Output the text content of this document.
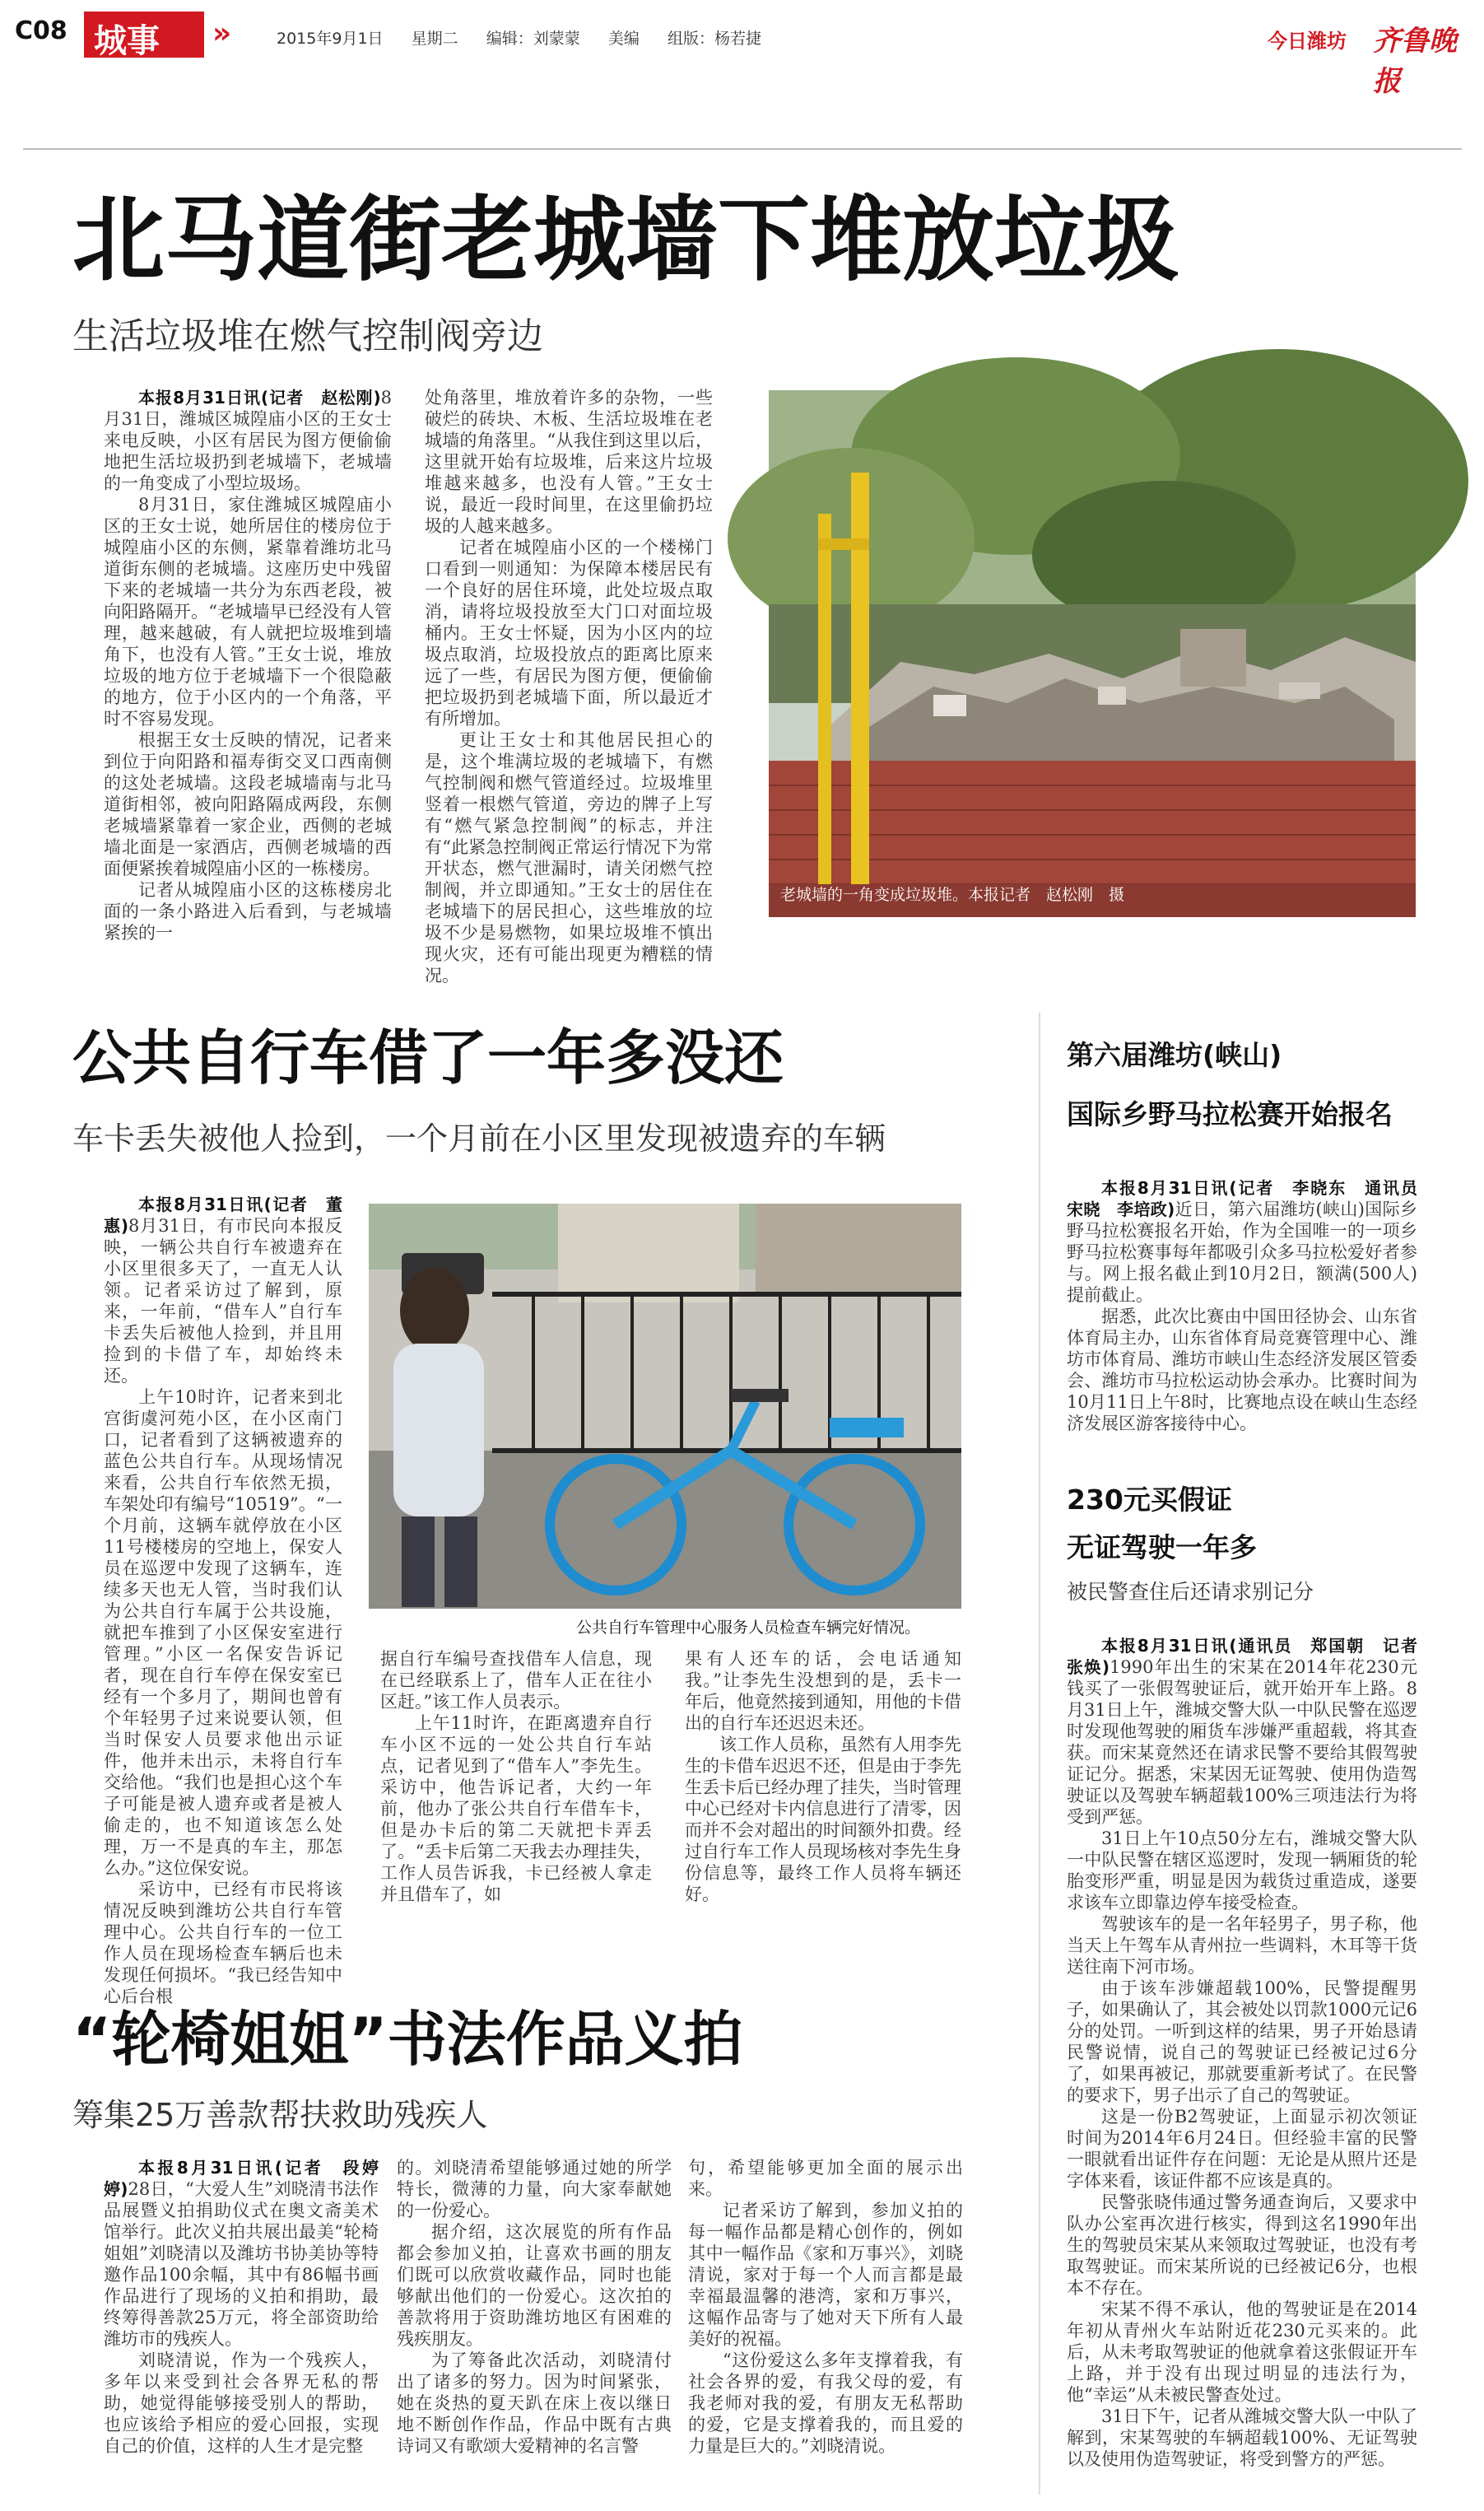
C08 城事 »	2015年9月1日 星期二 编辑：刘蒙蒙 美编 组版：杨若捷	今日潍坊 齐鲁晚报
北马道街老城墙下堆放垃圾
生活垃圾堆在燃气控制阀旁边

本报8月31日讯(记者　赵松刚)8月31日，潍城区城隍庙小区的王女士来电反映，小区有居民为图方便偷偷地把生活垃圾扔到老城墙下，老城墙的一角变成了小型垃圾场。

8月31日，家住潍城区城隍庙小区的王女士说，她所居住的楼房位于城隍庙小区的东侧，紧靠着潍坊北马道街东侧的老城墙。这座历史中残留下来的老城墙一共分为东西老段，被向阳路隔开。“老城墙早已经没有人管理，越来越破，有人就把垃圾堆到墙角下，也没有人管。”王女士说，堆放垃圾的地方位于老城墙下一个很隐蔽的地方，位于小区内的一个角落，平时不容易发现。

根据王女士反映的情况，记者来到位于向阳路和福寿街交叉口西南侧的这处老城墙。这段老城墙南与北马道街相邻，被向阳路隔成两段，东侧老城墙紧靠着一家企业，西侧的老城墙北面是一家酒店，西侧老城墙的西面便紧挨着城隍庙小区的一栋楼房。

记者从城隍庙小区的这栋楼房北面的一条小路进入后看到，与老城墙紧挨的一

处角落里，堆放着许多的杂物，一些破烂的砖块、木板、生活垃圾堆在老城墙的角落里。“从我住到这里以后，这里就开始有垃圾堆，后来这片垃圾堆越来越多，也没有人管。”王女士说，最近一段时间里，在这里偷扔垃圾的人越来越多。

记者在城隍庙小区的一个楼梯门口看到一则通知：为保障本楼居民有一个良好的居住环境，此处垃圾点取消，请将垃圾投放至大门口对面垃圾桶内。王女士怀疑，因为小区内的垃圾点取消，垃圾投放点的距离比原来远了一些，有居民为图方便，便偷偷把垃圾扔到老城墙下面，所以最近才有所增加。

更让王女士和其他居民担心的是，这个堆满垃圾的老城墙下，有燃气控制阀和燃气管道经过。垃圾堆里竖着一根燃气管道，旁边的牌子上写有“燃气紧急控制阀”的标志，并注有“此紧急控制阀正常运行情况下为常开状态，燃气泄漏时，请关闭燃气控制阀，并立即通知。”王女士的居住在老城墙下的居民担心，这些堆放的垃圾不少是易燃物，如果垃圾堆不慎出现火灾，还有可能出现更为糟糕的情况。

老城墙的一角变成垃圾堆。本报记者　赵松刚　摄
公共自行车借了一年多没还
车卡丢失被他人捡到，一个月前在小区里发现被遗弃的车辆

本报8月31日讯(记者　董惠)8月31日，有市民向本报反映，一辆公共自行车被遗弃在小区里很多天了，一直无人认领。记者采访过了解到，原来，一年前，“借车人”自行车卡丢失后被他人捡到，并且用捡到的卡借了车，却始终未还。

上午10时许，记者来到北宫街虞河苑小区，在小区南门口，记者看到了这辆被遗弃的蓝色公共自行车。从现场情况来看，公共自行车依然无损，车架处印有编号“10519”。“一个月前，这辆车就停放在小区11号楼楼房的空地上，保安人员在巡逻中发现了这辆车，连续多天也无人管，当时我们认为公共自行车属于公共设施，就把车推到了小区保安室进行管理。”小区一名保安告诉记者，现在自行车停在保安室已经有一个多月了，期间也曾有个年轻男子过来说要认领，但当时保安人员要求他出示证件，他并未出示，未将自行车交给他。“我们也是担心这个车子可能是被人遗弃或者是被人偷走的，也不知道该怎么处理，万一不是真的车主，那怎么办。”这位保安说。

采访中，已经有市民将该情况反映到潍坊公共自行车管理中心。公共自行车的一位工作人员在现场检查车辆后也未发现任何损坏。“我已经告知中心后台根

公共自行车管理中心服务人员检查车辆完好情况。

据自行车编号查找借车人信息，现在已经联系上了，借车人正在往小区赶。”该工作人员表示。

上午11时许，在距离遗弃自行车小区不远的一处公共自行车站点，记者见到了“借车人”李先生。采访中，他告诉记者，大约一年前，他办了张公共自行车借车卡，但是办卡后的第二天就把卡弄丢了。“丢卡后第二天我去办理挂失，工作人员告诉我，卡已经被人拿走并且借车了，如

果有人还车的话，会电话通知我。”让李先生没想到的是，丢卡一年后，他竟然接到通知，用他的卡借出的自行车还迟迟未还。

该工作人员称，虽然有人用李先生的卡借车迟迟不还，但是由于李先生丢卡后已经办理了挂失，当时管理中心已经对卡内信息进行了清零，因而并不会对超出的时间额外扣费。经过自行车工作人员现场核对李先生身份信息等，最终工作人员将车辆还好。

“轮椅姐姐”书法作品义拍
筹集25万善款帮扶救助残疾人

本报8月31日讯(记者　段婷婷)28日，“大爱人生”刘晓清书法作品展暨义拍捐助仪式在奥文斋美术馆举行。此次义拍共展出最美“轮椅姐姐”刘晓清以及潍坊书协美协等特邀作品100余幅，其中有86幅书画作品进行了现场的义拍和捐助，最终筹得善款25万元，将全部资助给潍坊市的残疾人。

刘晓清说，作为一个残疾人，多年以来受到社会各界无私的帮助，她觉得能够接受别人的帮助，也应该给予相应的爱心回报，实现自己的价值，这样的人生才是完整

的。刘晓清希望能够通过她的所学特长，微薄的力量，向大家奉献她的一份爱心。

据介绍，这次展览的所有作品都会参加义拍，让喜欢书画的朋友们既可以欣赏收藏作品，同时也能够献出他们的一份爱心。这次拍的善款将用于资助潍坊地区有困难的残疾朋友。

为了筹备此次活动，刘晓清付出了诸多的努力。因为时间紧张，她在炎热的夏天趴在床上夜以继日地不断创作作品，作品中既有古典诗词又有歌颂大爱精神的名言警

句，希望能够更加全面的展示出来。

记者采访了解到，参加义拍的每一幅作品都是精心创作的，例如其中一幅作品《家和万事兴》，刘晓清说，家对于每一个人而言都是最幸福最温馨的港湾，家和万事兴，这幅作品寄与了她对天下所有人最美好的祝福。

“这份爱这么多年支撑着我，有社会各界的爱，有我父母的爱，有我老师对我的爱，有朋友无私帮助的爱，它是支撑着我的，而且爱的力量是巨大的。”刘晓清说。

第六届潍坊(峡山)
国际乡野马拉松赛开始报名

本报8月31日讯(记者　李晓东　通讯员　宋晓　李培政)近日，第六届潍坊(峡山)国际乡野马拉松赛报名开始，作为全国唯一的一项乡野马拉松赛事每年都吸引众多马拉松爱好者参与。网上报名截止到10月2日，额满(500人)提前截止。

据悉，此次比赛由中国田径协会、山东省体育局主办，山东省体育局竞赛管理中心、潍坊市体育局、潍坊市峡山生态经济发展区管委会、潍坊市马拉松运动协会承办。比赛时间为10月11日上午8时，比赛地点设在峡山生态经济发展区游客接待中心。

230元买假证
无证驾驶一年多
被民警查住后还请求别记分

本报8月31日讯(通讯员　郑国朝　记者　张焕)1990年出生的宋某在2014年花230元钱买了一张假驾驶证后，就开始开车上路。8月31日上午，潍城交警大队一中队民警在巡逻时发现他驾驶的厢货车涉嫌严重超载，将其查获。而宋某竟然还在请求民警不要给其假驾驶证记分。据悉，宋某因无证驾驶、使用伪造驾驶证以及驾驶车辆超载100%三项违法行为将受到严惩。

31日上午10点50分左右，潍城交警大队一中队民警在辖区巡逻时，发现一辆厢货的轮胎变形严重，明显是因为载货过重造成，遂要求该车立即靠边停车接受检查。

驾驶该车的是一名年轻男子，男子称，他当天上午驾车从青州拉一些调料，木耳等干货送往南下河市场。

由于该车涉嫌超载100%，民警提醒男子，如果确认了，其会被处以罚款1000元记6分的处罚。一听到这样的结果，男子开始恳请民警说情，说自己的驾驶证已经被记过6分了，如果再被记，那就要重新考试了。在民警的要求下，男子出示了自己的驾驶证。

这是一份B2驾驶证，上面显示初次领证时间为2014年6月24日。但经验丰富的民警一眼就看出证件存在问题：无论是从照片还是字体来看，该证件都不应该是真的。

民警张晓伟通过警务通查询后，又要求中队办公室再次进行核实，得到这名1990年出生的驾驶员宋某从来领取过驾驶证，也没有考取驾驶证。而宋某所说的已经被记6分，也根本不存在。

宋某不得不承认，他的驾驶证是在2014年初从青州火车站附近花230元买来的。此后，从未考取驾驶证的他就拿着这张假证开车上路，并于没有出现过明显的违法行为，他“幸运”从未被民警查处过。

31日下午，记者从潍城交警大队一中队了解到，宋某驾驶的车辆超载100%、无证驾驶以及使用伪造驾驶证，将受到警方的严惩。
